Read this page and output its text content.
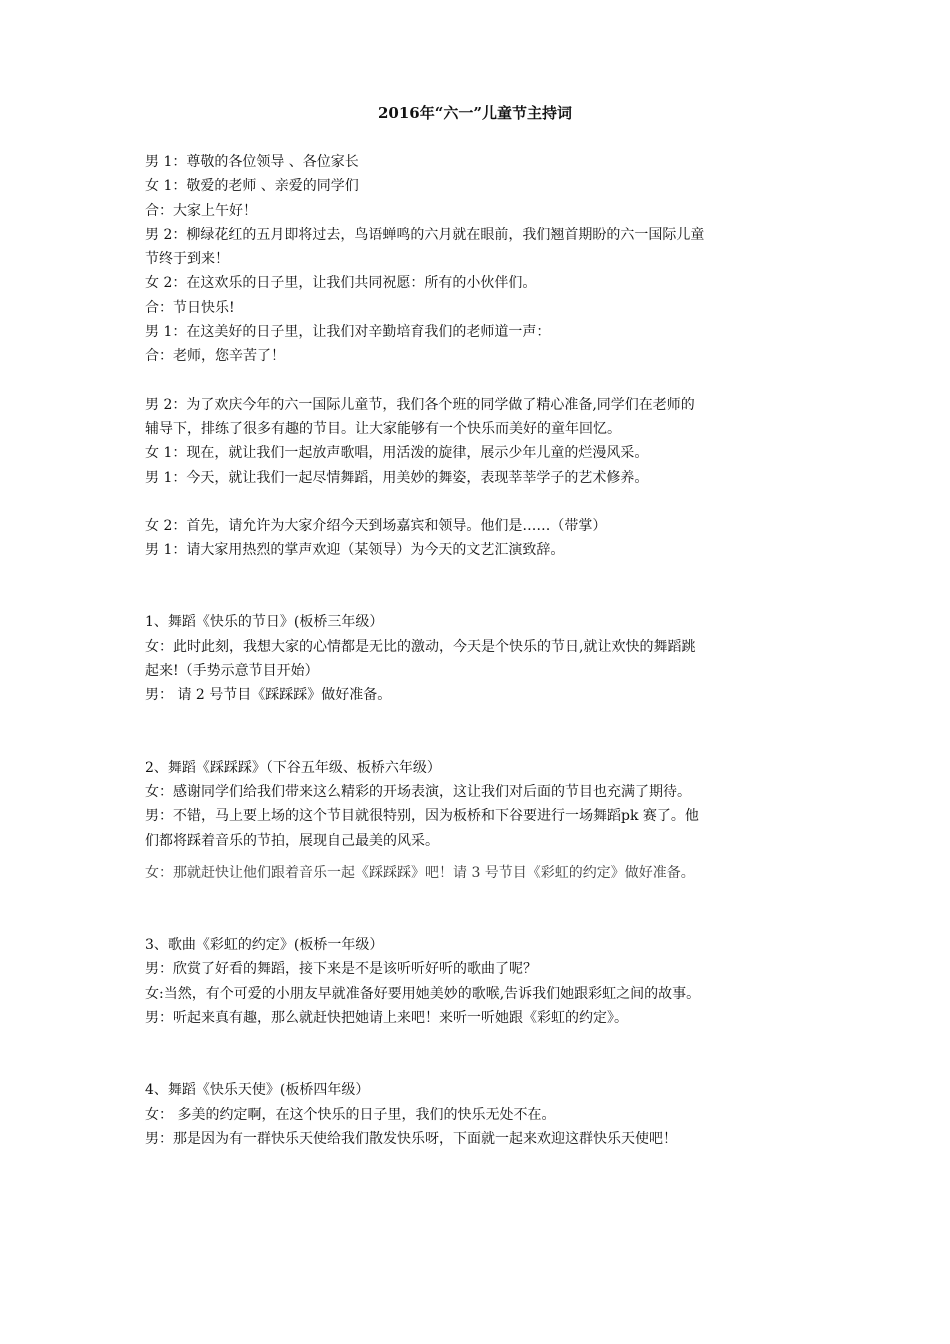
2016年“六一”儿童节主持词
男 1：尊敬的各位领导 、各位家长
女 1：敬爱的老师 、亲爱的同学们
合：大家上午好！
男 2：柳绿花红的五月即将过去，鸟语蝉鸣的六月就在眼前，我们翘首期盼的六一国际儿童
节终于到来！
女 2：在这欢乐的日子里，让我们共同祝愿：所有的小伙伴们。
合：节日快乐!
男 1：在这美好的日子里，让我们对辛勤培育我们的老师道一声：
合：老师，您辛苦了！
男 2：为了欢庆今年的六一国际儿童节，我们各个班的同学做了精心准备,同学们在老师的
辅导下，排练了很多有趣的节目。让大家能够有一个快乐而美好的童年回忆。
女 1：现在，就让我们一起放声歌唱，用活泼的旋律，展示少年儿童的烂漫风采。
男 1：今天，就让我们一起尽情舞蹈，用美妙的舞姿，表现莘莘学子的艺术修养。
女 2：首先，请允许为大家介绍今天到场嘉宾和领导。他们是……（带掌）
男 1：请大家用热烈的掌声欢迎（某领导）为今天的文艺汇演致辞。
1、舞蹈《快乐的节日》(板桥三年级）
女：此时此刻，我想大家的心情都是无比的激动，今天是个快乐的节日,就让欢快的舞蹈跳
起来!（手势示意节目开始）
男： 请 2 号节目《踩踩踩》做好准备。
2、舞蹈《踩踩踩》（下谷五年级、板桥六年级）
女：感谢同学们给我们带来这么精彩的开场表演，这让我们对后面的节目也充满了期待。
男：不错，马上要上场的这个节目就很特别，因为板桥和下谷要进行一场舞蹈pk 赛了。他
们都将踩着音乐的节拍，展现自己最美的风采。
女：那就赶快让他们跟着音乐一起《踩踩踩》吧！请 3 号节目《彩虹的约定》做好准备。
3、歌曲《彩虹的约定》(板桥一年级）
男：欣赏了好看的舞蹈，接下来是不是该听听好听的歌曲了呢？
女:当然，有个可爱的小朋友早就准备好要用她美妙的歌喉,告诉我们她跟彩虹之间的故事。
男：听起来真有趣，那么就赶快把她请上来吧！来听一听她跟《彩虹的约定》。
4、舞蹈《快乐天使》(板桥四年级）
女： 多美的约定啊，在这个快乐的日子里，我们的快乐无处不在。
男：那是因为有一群快乐天使给我们散发快乐呀，下面就一起来欢迎这群快乐天使吧！
